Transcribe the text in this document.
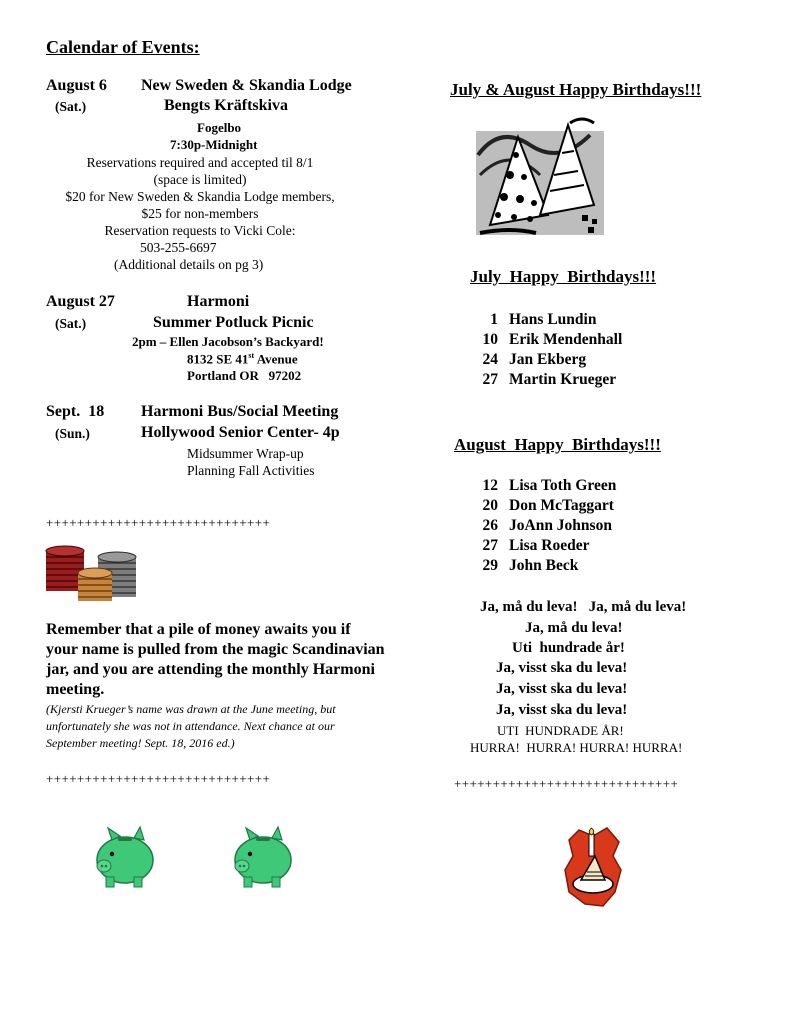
Calendar of Events:
August 6 New Sweden & Skandia Lodge
(Sat.)	Bengts Kräftskiva
Fogelbo
7:30p-Midnight
Reservations required and accepted til 8/1
(space is limited)
$20 for New Sweden & Skandia Lodge members,
$25 for non-members
Reservation requests to Vicki Cole:
503-255-6697
(Additional details on pg 3)
August 27	Harmoni
(Sat.)	Summer Potluck Picnic
2pm – Ellen Jacobson’s Backyard!
8132 SE 41st Avenue
Portland OR   97202
Sept.  18 Harmoni Bus/Social Meeting
(Sun.)	Hollywood Senior Center- 4p
Midsummer Wrap-up
Planning Fall Activities
+++++++++++++++++++++++++++++
Remember that a pile of money awaits you if your name is pulled from the magic Scandinavian jar, and you are attending the monthly Harmoni meeting.
(Kjersti Krueger’s name was drawn at the June meeting, but unfortunately she was not in attendance. Next chance at our September meeting! Sept. 18, 2016 ed.)
+++++++++++++++++++++++++++++
July & August Happy Birthdays!!!
July  Happy  Birthdays!!!
1 Hans Lundin
10 Erik Mendenhall
24 Jan Ekberg
27 Martin Krueger
August  Happy  Birthdays!!!
12 Lisa Toth Green
20 Don McTaggart
26 JoAnn Johnson
27 Lisa Roeder
29 John Beck
Ja, må du leva!   Ja, må du leva!
Ja, må du leva!
Uti  hundrade år!
Ja, visst ska du leva!
Ja, visst ska du leva!
Ja, visst ska du leva!
UTI  HUNDRADE ÅR!
HURRA!  HURRA! HURRA! HURRA!
+++++++++++++++++++++++++++++
